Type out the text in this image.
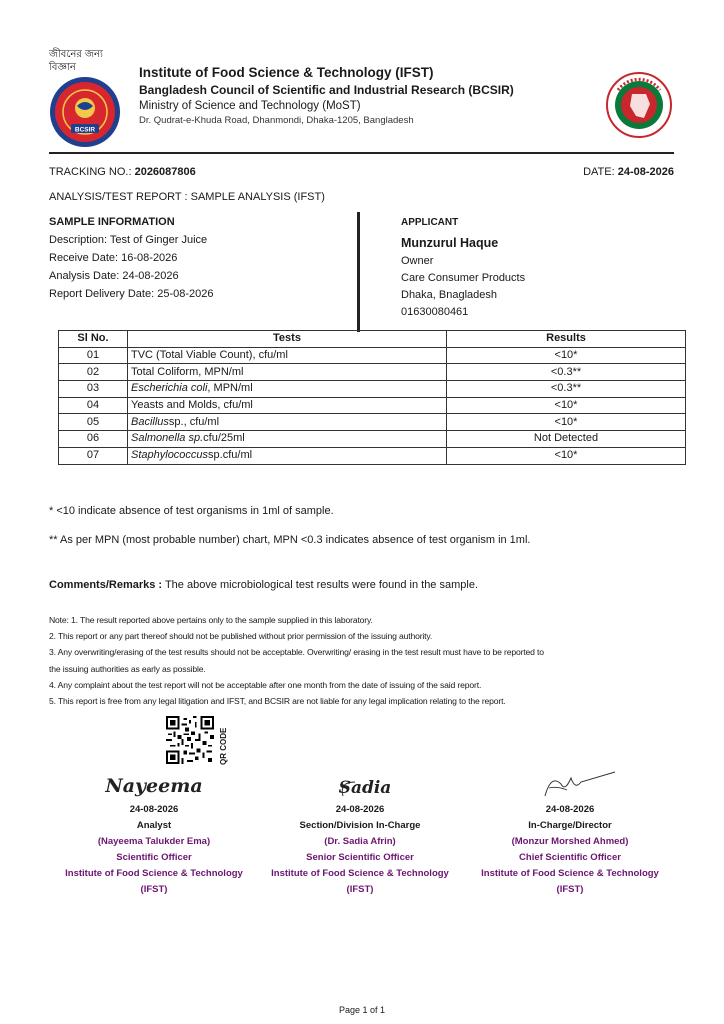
জীবনের জন্য বিজ্ঞান
BCSIR
Institute of Food Science & Technology (IFST)
Bangladesh Council of Scientific and Industrial Research (BCSIR)
Ministry of Science and Technology (MoST)
Dr. Qudrat-e-Khuda Road, Dhanmondi, Dhaka-1205, Bangladesh
TRACKING NO.: 2026087806	DATE: 24-08-2026
ANALYSIS/TEST REPORT : SAMPLE ANALYSIS (IFST)
SAMPLE INFORMATION
Description: Test of Ginger Juice
Receive Date: 16-08-2026
Analysis Date: 24-08-2026
Report Delivery Date: 25-08-2026
APPLICANT
Munzurul Haque
Owner
Care Consumer Products
Dhaka, Bnagladesh
01630080461
Sl No.	Tests	Results
01	TVC (Total Viable Count), cfu/ml	<10*
02	Total Coliform, MPN/ml	<0.3**
03	Escherichia coli, MPN/ml	<0.3**
04	Yeasts and Molds, cfu/ml	<10*
05	Bacillussp., cfu/ml	<10*
06	Salmonella sp.cfu/25ml	Not Detected
07	Staphylococcussp.cfu/ml	<10*
* <10 indicate absence of test organisms in 1ml of sample.
** As per MPN (most probable number) chart, MPN <0.3 indicates absence of test organism in 1ml.
Comments/Remarks : The above microbiological test results were found in the sample.
Note: 1. The result reported above pertains only to the sample supplied in this laboratory.
2. This report or any part thereof should not be published without prior permission of the issuing authority.
3. Any overwriting/erasing of the test results should not be acceptable. Overwriting/ erasing in the test result must have to be reported to
the issuing authorities as early as possible.
4. Any complaint about the test report will not be acceptable after one month from the date of issuing of the said report.
5. This report is free from any legal litigation and IFST, and BCSIR are not liable for any legal implication relating to the report.
QR CODE
Nayeema
24-08-2026
Analyst
(Nayeema Talukder Ema)
Scientific Officer
Institute of Food Science & Technology
(IFST)
Sadia
24-08-2026
Section/Division In-Charge
(Dr. Sadia Afrin)
Senior Scientific Officer
Institute of Food Science & Technology
(IFST)
24-08-2026
In-Charge/Director
(Monzur Morshed Ahmed)
Chief Scientific Officer
Institute of Food Science & Technology
(IFST)
Page 1 of 1
